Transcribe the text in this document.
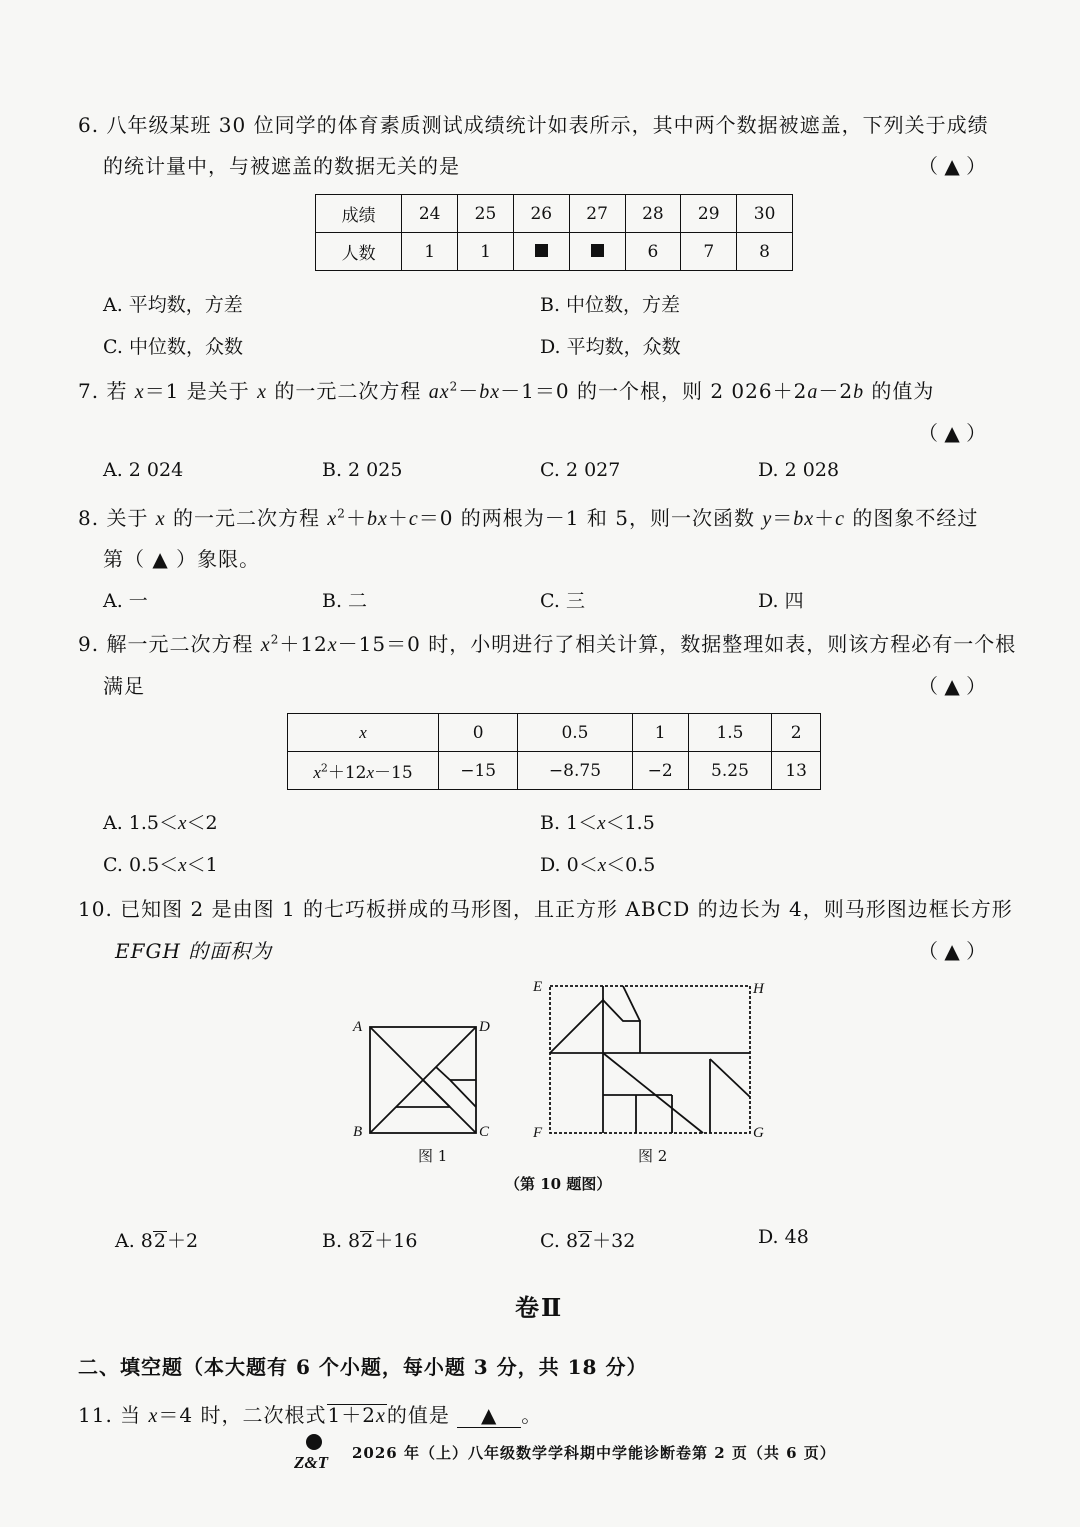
6. 八年级某班 30 位同学的体育素质测试成绩统计如表所示，其中两个数据被遮盖，下列关于成绩
的统计量中，与被遮盖的数据无关的是	（ ▲ ）
成绩	24	25	26	27	28	29	30
人数	1	1			6	7	8
A. 平均数，方差	B. 中位数，方差
C. 中位数，众数	D. 平均数，众数
7. 若 x＝1 是关于 x 的一元二次方程 $ax^2-bx-1=0$ 的一个根，则 2 026＋2a－2b 的值为
（ ▲ ）
A. 2 024	B. 2 025	C. 2 027	D. 2 028
8. 关于 x 的一元二次方程 $x^2+bx+c=0$ 的两根为－1 和 5，则一次函数 y＝bx＋c 的图象不经过
第（ ▲ ）象限。
A. 一	B. 二	C. 三	D. 四
9. 解一元二次方程 $x^2+12x-15=0$ 时，小明进行了相关计算，数据整理如表，则该方程必有一个根
满足	（ ▲ ）
x	0	0.5	1	1.5	2
$x^2+12x-15$	−15	−8.75	−2	5.25	13
A. 1.5＜x＜2	B. 1＜x＜1.5
C. 0.5＜x＜1	D. 0＜x＜0.5
10. 已知图 2 是由图 1 的七巧板拼成的马形图，且正方形 ABCD 的边长为 4，则马形图边框长方形
EFGH 的面积为	（ ▲ ）
A	D
B	C
图 1
E	H
F	G
图 2
（第 10 题图）
A. 82＋2	B. 82＋16	C. 82＋32	D. 48
卷Ⅱ
二、填空题（本大题有 6 个小题，每小题 3 分，共 18 分）
11. 当 x＝4 时，二次根式1＋2x的值是 ▲ 。
Z&T 2026 年（上）八年级数学学科期中学能诊断卷第 2 页（共 6 页）
